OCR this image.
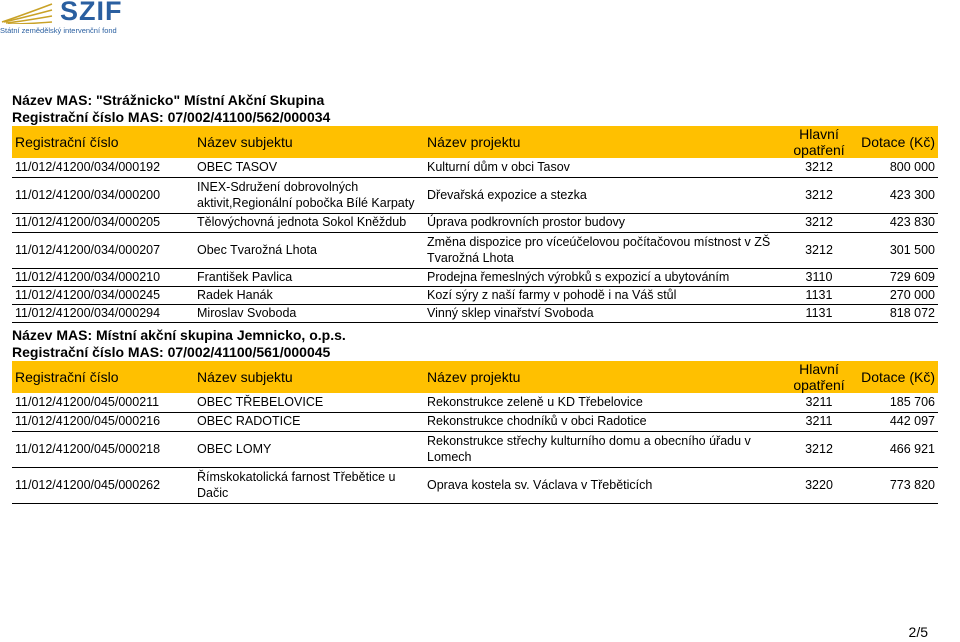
SZIF
Státní zemědělský intervenční fond
Název MAS: "Strážnicko" Místní Akční Skupina
Registrační číslo MAS: 07/002/41100/562/000034
Registrační číslo	Název subjektu	Název projektu	Hlavní opatření	Dotace (Kč)
11/012/41200/034/000192	OBEC TASOV	Kulturní dům v obci Tasov	3212	800 000
11/012/41200/034/000200	INEX-Sdružení dobrovolných aktivit,Regionální pobočka Bílé Karpaty	Dřevařská expozice a stezka	3212	423 300
11/012/41200/034/000205	Tělovýchovná jednota Sokol Kněždub	Úprava podkrovních prostor budovy	3212	423 830
11/012/41200/034/000207	Obec Tvarožná Lhota	Změna dispozice pro víceúčelovou počítačovou místnost v ZŠ Tvarožná Lhota	3212	301 500
11/012/41200/034/000210	František Pavlica	Prodejna řemeslných výrobků s expozicí a ubytováním	3110	729 609
11/012/41200/034/000245	Radek Hanák	Kozí sýry z naší farmy v pohodě i na Váš stůl	1131	270 000
11/012/41200/034/000294	Miroslav Svoboda	Vinný sklep vinařství Svoboda	1131	818 072
Název MAS: Místní akční skupina Jemnicko, o.p.s.
Registrační číslo MAS: 07/002/41100/561/000045
Registrační číslo	Název subjektu	Název projektu	Hlavní opatření	Dotace (Kč)
11/012/41200/045/000211	OBEC TŘEBELOVICE	Rekonstrukce zeleně u KD Třebelovice	3211	185 706
11/012/41200/045/000216	OBEC RADOTICE	Rekonstrukce chodníků v obci Radotice	3211	442 097
11/012/41200/045/000218	OBEC LOMY	Rekonstrukce střechy kulturního domu a obecního úřadu v Lomech	3212	466 921
11/012/41200/045/000262	Římskokatolická farnost Třebětice u Dačic	Oprava kostela sv. Václava v Třeběticích	3220	773 820
2/5
